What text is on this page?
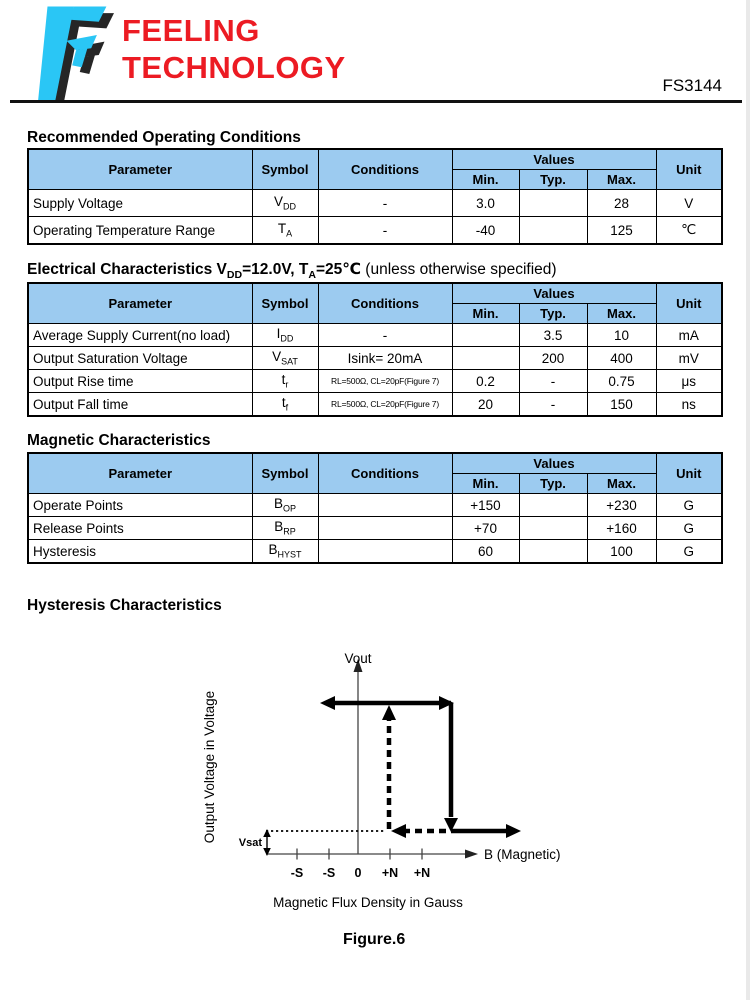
FEELING
TECHNOLOGY
FS3144
Recommended Operating Conditions
Parameter	Symbol	Conditions	Values			Unit
			Min.	Typ.	Max.	
Supply Voltage	$V_{DD}$	-	3.0		28	V
Operating Temperature Range	$T_A$	-	-40		125	℃
Electrical Characteristics $V_{DD}=12.0V$, $T_A=25℃$ (unless otherwise specified)
Parameter	Symbol	Conditions	Values			Unit
			Min.	Typ.	Max.	
Average Supply Current(no load)	$I_{DD}$	-		3.5	10	mA
Output Saturation Voltage	$V_{SAT}$	Isink= 20mA		200	400	mV
Output Rise time	$t_r$	RL=500Ω, CL=20pF(Figure 7)	0.2	-	0.75	μs
Output Fall time	$t_f$	RL=500Ω, CL=20pF(Figure 7)	20	-	150	ns
Magnetic Characteristics
Parameter	Symbol	Conditions	Values			Unit
			Min.	Typ.	Max.	
Operate Points	$B_{OP}$		+150		+230	G
Release Points	$B_{RP}$		+70		+160	G
Hysteresis	$B_{HYST}$		60		100	G
Hysteresis Characteristics
Vout
B (Magnetic)
-S -S 0 +N +N
Vsat
Output Voltage in Voltage
Magnetic Flux Density in Gauss
Figure.6
